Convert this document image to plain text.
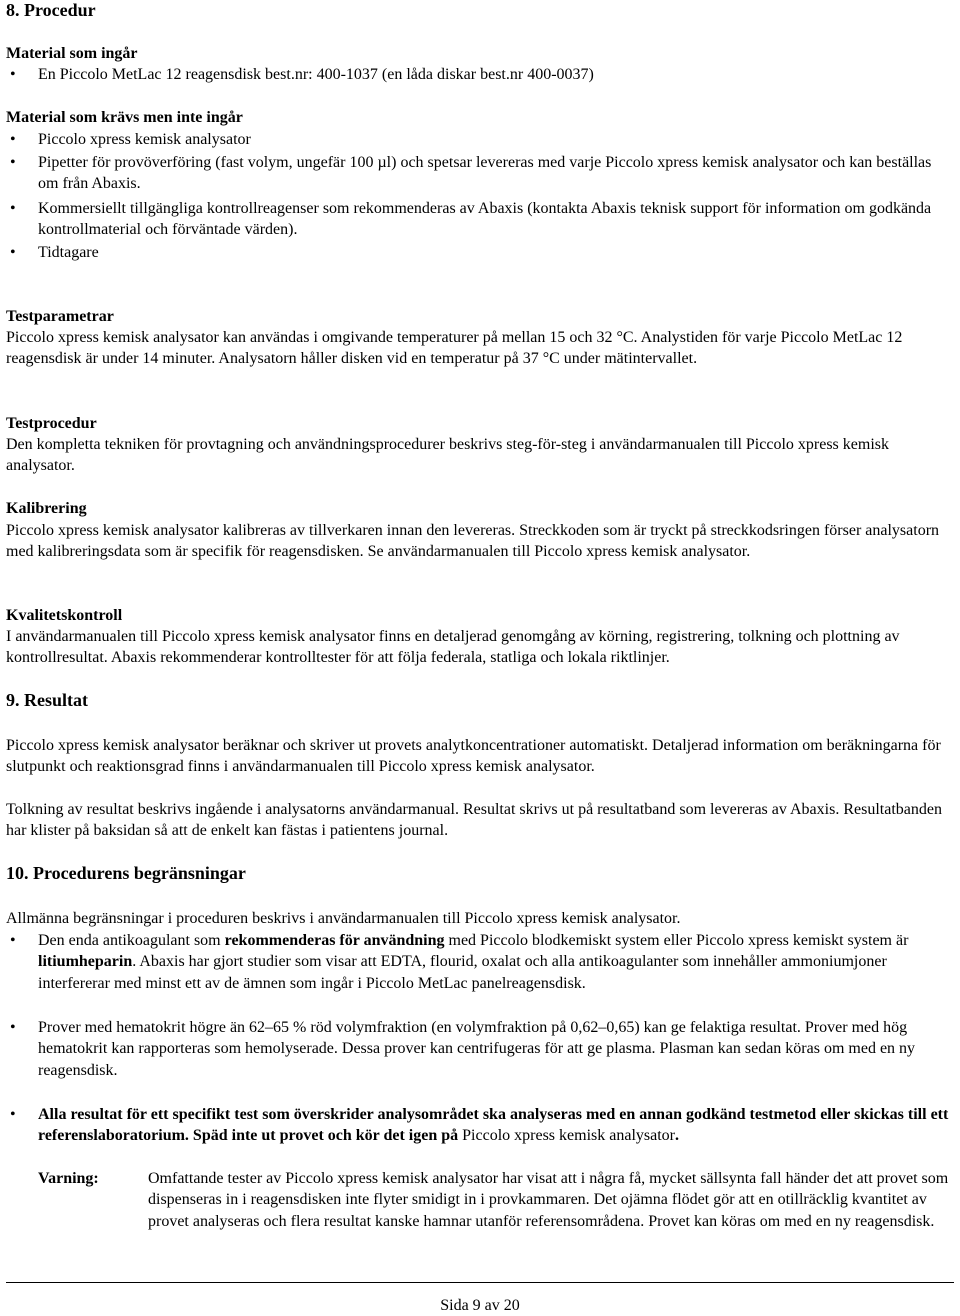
8. Procedur
Material som ingår
• En Piccolo MetLac 12 reagensdisk best.nr: 400-1037 (en låda diskar best.nr 400-0037)
Material som krävs men inte ingår
• Piccolo xpress kemisk analysator
• Pipetter för provöverföring (fast volym, ungefär 100 µl) och spetsar levereras med varje Piccolo xpress kemisk analysator och kan beställas om från Abaxis.
• Kommersiellt tillgängliga kontrollreagenser som rekommenderas av Abaxis (kontakta Abaxis teknisk support för information om godkända kontrollmaterial och förväntade värden).
• Tidtagare
Testparametrar
Piccolo xpress kemisk analysator kan användas i omgivande temperaturer på mellan 15 och 32 °C. Analystiden för varje Piccolo MetLac 12 reagensdisk är under 14 minuter. Analysatorn håller disken vid en temperatur på 37 °C under mätintervallet.
Testprocedur
Den kompletta tekniken för provtagning och användningsprocedurer beskrivs steg-för-steg i användarmanualen till Piccolo xpress kemisk analysator.
Kalibrering
Piccolo xpress kemisk analysator kalibreras av tillverkaren innan den levereras. Streckkoden som är tryckt på streckkodsringen förser analysatorn med kalibreringsdata som är specifik för reagensdisken. Se användarmanualen till Piccolo xpress kemisk analysator.
Kvalitetskontroll
I användarmanualen till Piccolo xpress kemisk analysator finns en detaljerad genomgång av körning, registrering, tolkning och plottning av kontrollresultat. Abaxis rekommenderar kontrolltester för att följa federala, statliga och lokala riktlinjer.
9. Resultat
Piccolo xpress kemisk analysator beräknar och skriver ut provets analytkoncentrationer automatiskt. Detaljerad information om beräkningarna för slutpunkt och reaktionsgrad finns i användarmanualen till Piccolo xpress kemisk analysator.
Tolkning av resultat beskrivs ingående i analysatorns användarmanual. Resultat skrivs ut på resultatband som levereras av Abaxis. Resultatbanden har klister på baksidan så att de enkelt kan fästas i patientens journal.
10. Procedurens begränsningar
Allmänna begränsningar i proceduren beskrivs i användarmanualen till Piccolo xpress kemisk analysator.
• Den enda antikoagulant som rekommenderas för användning med Piccolo blodkemiskt system eller Piccolo xpress kemiskt system är litiumheparin. Abaxis har gjort studier som visar att EDTA, flourid, oxalat och alla antikoagulanter som innehåller ammoniumjoner interfererar med minst ett av de ämnen som ingår i Piccolo MetLac panelreagensdisk.
• Prover med hematokrit högre än 62–65 % röd volymfraktion (en volymfraktion på 0,62–0,65) kan ge felaktiga resultat. Prover med hög hematokrit kan rapporteras som hemolyserade. Dessa prover kan centrifugeras för att ge plasma. Plasman kan sedan köras om med en ny reagensdisk.
• Alla resultat för ett specifikt test som överskrider analysområdet ska analyseras med en annan godkänd testmetod eller skickas till ett referenslaboratorium. Späd inte ut provet och kör det igen på Piccolo xpress kemisk analysator.
Varning:	Omfattande tester av Piccolo xpress kemisk analysator har visat att i några få, mycket sällsynta fall händer det att provet som dispenseras in i reagensdisken inte flyter smidigt in i provkammaren. Det ojämna flödet gör att en otillräcklig kvantitet av provet analyseras och flera resultat kanske hamnar utanför referensområdena. Provet kan köras om med en ny reagensdisk.
Sida 9 av 20
